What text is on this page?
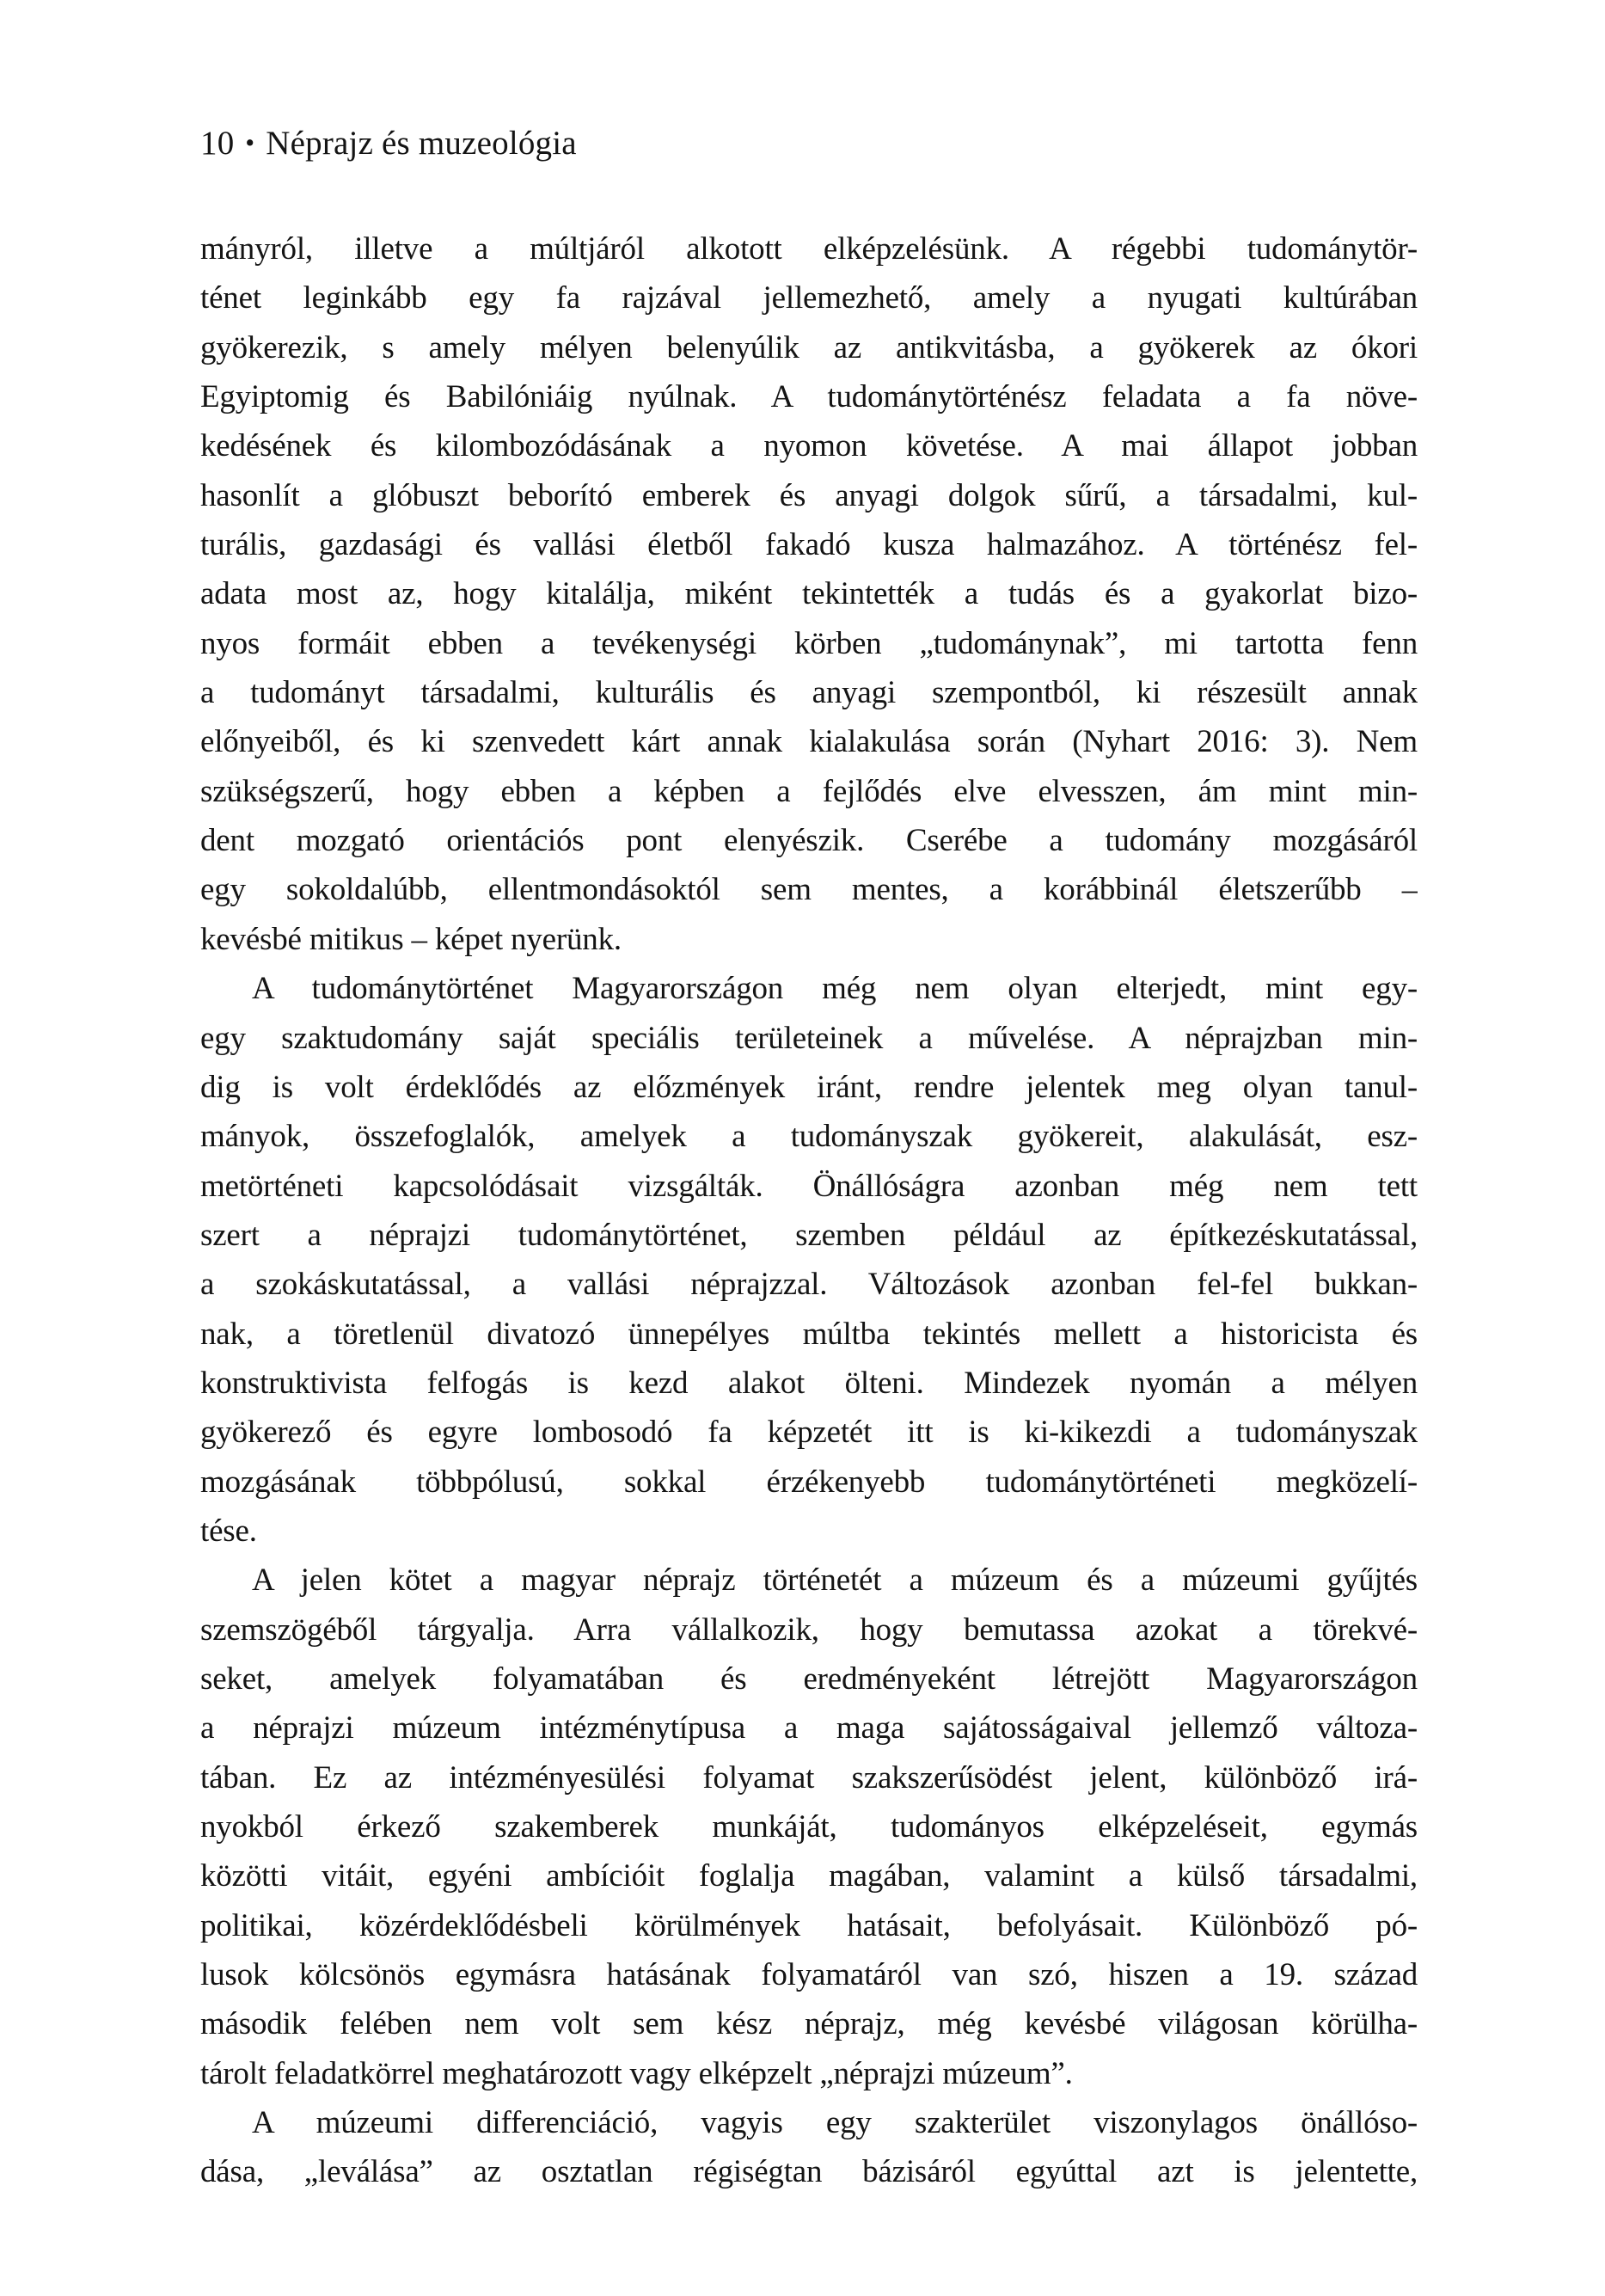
10 • Néprajz és muzeológia
mányról, illetve a múltjáról alkotott elképzelésünk. A régebbi tudománytör-
ténet leginkább egy fa rajzával jellemezhető, amely a nyugati kultúrában
gyökerezik, s amely mélyen belenyúlik az antikvitásba, a gyökerek az ókori
Egyiptomig és Babilóniáig nyúlnak. A tudománytörténész feladata a fa növe-
kedésének és kilombozódásának a nyomon követése. A mai állapot jobban
hasonlít a glóbuszt beborító emberek és anyagi dolgok sűrű, a társadalmi, kul-
turális, gazdasági és vallási életből fakadó kusza halmazához. A történész fel-
adata most az, hogy kitalálja, miként tekintették a tudás és a gyakorlat bizo-
nyos formáit ebben a tevékenységi körben „tudománynak”, mi tartotta fenn
a tudományt társadalmi, kulturális és anyagi szempontból, ki részesült annak
előnyeiből, és ki szenvedett kárt annak kialakulása során (Nyhart 2016: 3). Nem
szükségszerű, hogy ebben a képben a fejlődés elve elvesszen, ám mint min-
dent mozgató orientációs pont elenyészik. Cserébe a tudomány mozgásáról
egy sokoldalúbb, ellentmondásoktól sem mentes, a korábbinál életszerűbb –
kevésbé mitikus – képet nyerünk.
A tudománytörténet Magyarországon még nem olyan elterjedt, mint egy-
egy szaktudomány saját speciális területeinek a művelése. A néprajzban min-
dig is volt érdeklődés az előzmények iránt, rendre jelentek meg olyan tanul-
mányok, összefoglalók, amelyek a tudományszak gyökereit, alakulását, esz-
metörténeti kapcsolódásait vizsgálták. Önállóságra azonban még nem tett
szert a néprajzi tudománytörténet, szemben például az építkezéskutatással,
a szokáskutatással, a vallási néprajzzal. Változások azonban fel-fel bukkan-
nak, a töretlenül divatozó ünnepélyes múltba tekintés mellett a historicista és
konstruktivista felfogás is kezd alakot ölteni. Mindezek nyomán a mélyen
gyökerező és egyre lombosodó fa képzetét itt is ki-kikezdi a tudományszak
mozgásának többpólusú, sokkal érzékenyebb tudománytörténeti megközelí-
tése.
A jelen kötet a magyar néprajz történetét a múzeum és a múzeumi gyűjtés
szemszögéből tárgyalja. Arra vállalkozik, hogy bemutassa azokat a törekvé-
seket, amelyek folyamatában és eredményeként létrejött Magyarországon
a néprajzi múzeum intézménytípusa a maga sajátosságaival jellemző változa-
tában. Ez az intézményesülési folyamat szakszerűsödést jelent, különböző irá-
nyokból érkező szakemberek munkáját, tudományos elképzeléseit, egymás
közötti vitáit, egyéni ambícióit foglalja magában, valamint a külső társadalmi,
politikai, közérdeklődésbeli körülmények hatásait, befolyásait. Különböző pó-
lusok kölcsönös egymásra hatásának folyamatáról van szó, hiszen a 19. század
második felében nem volt sem kész néprajz, még kevésbé világosan körülha-
tárolt feladatkörrel meghatározott vagy elképzelt „néprajzi múzeum”.
A múzeumi differenciáció, vagyis egy szakterület viszonylagos önállóso-
dása, „leválása” az osztatlan régiségtan bázisáról egyúttal azt is jelentette,
